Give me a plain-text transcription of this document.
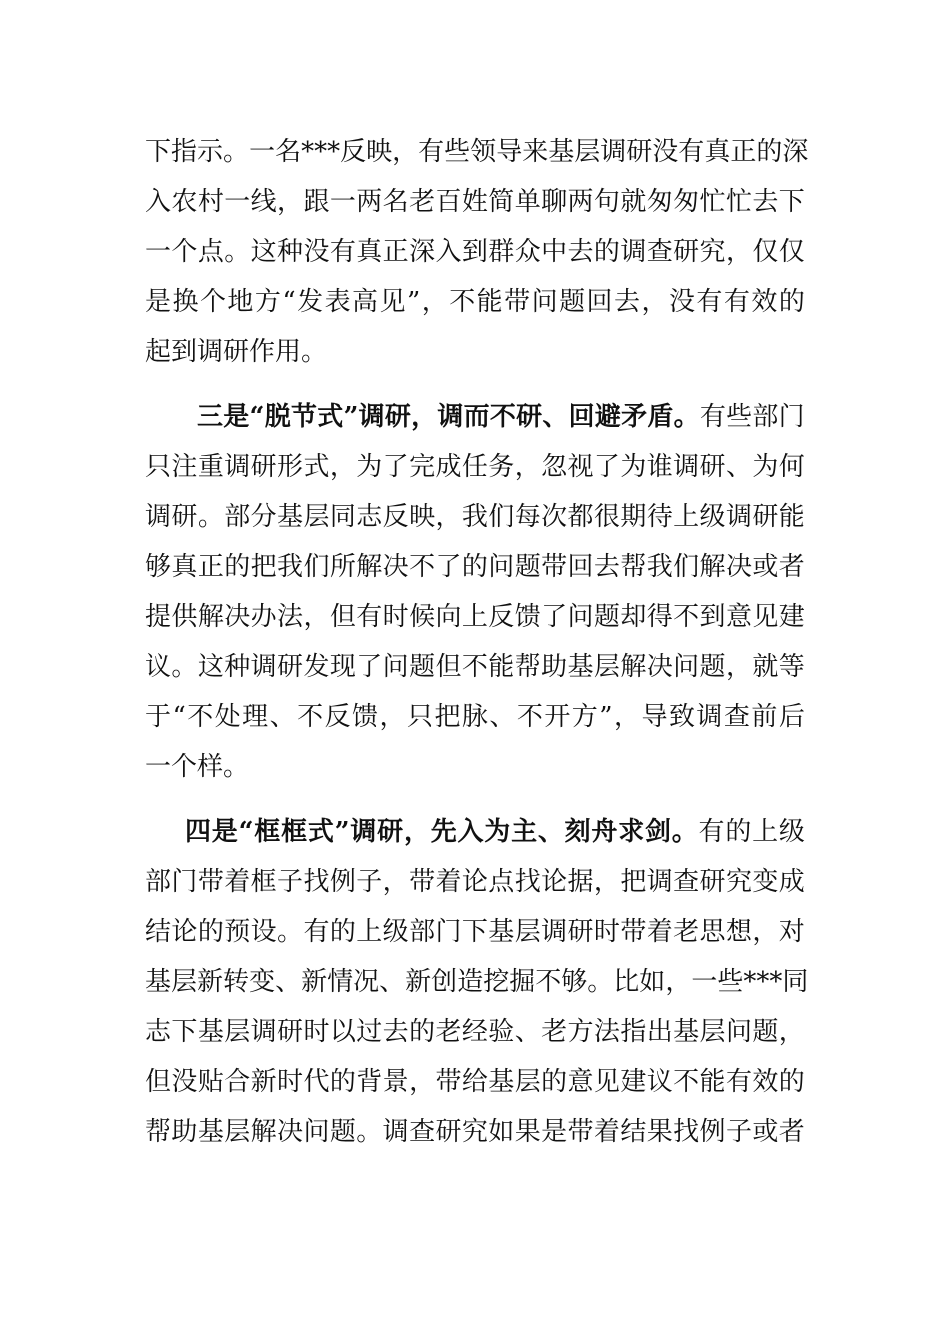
下指示。一名***反映，有些领导来基层调研没有真正的深
入农村一线，跟一两名老百姓简单聊两句就匆匆忙忙去下
一个点。这种没有真正深入到群众中去的调查研究，仅仅
是换个地方“发表高见”，不能带问题回去，没有有效的
起到调研作用。
三是“脱节式”调研，调而不研、回避矛盾。有些部门
只注重调研形式，为了完成任务，忽视了为谁调研、为何
调研。部分基层同志反映，我们每次都很期待上级调研能
够真正的把我们所解决不了的问题带回去帮我们解决或者
提供解决办法，但有时候向上反馈了问题却得不到意见建
议。这种调研发现了问题但不能帮助基层解决问题，就等
于“不处理、不反馈，只把脉、不开方”，导致调查前后
一个样。
四是“框框式”调研，先入为主、刻舟求剑。有的上级
部门带着框子找例子，带着论点找论据，把调查研究变成
结论的预设。有的上级部门下基层调研时带着老思想，对
基层新转变、新情况、新创造挖掘不够。比如，一些***同
志下基层调研时以过去的老经验、老方法指出基层问题，
但没贴合新时代的背景，带给基层的意见建议不能有效的
帮助基层解决问题。调查研究如果是带着结果找例子或者
